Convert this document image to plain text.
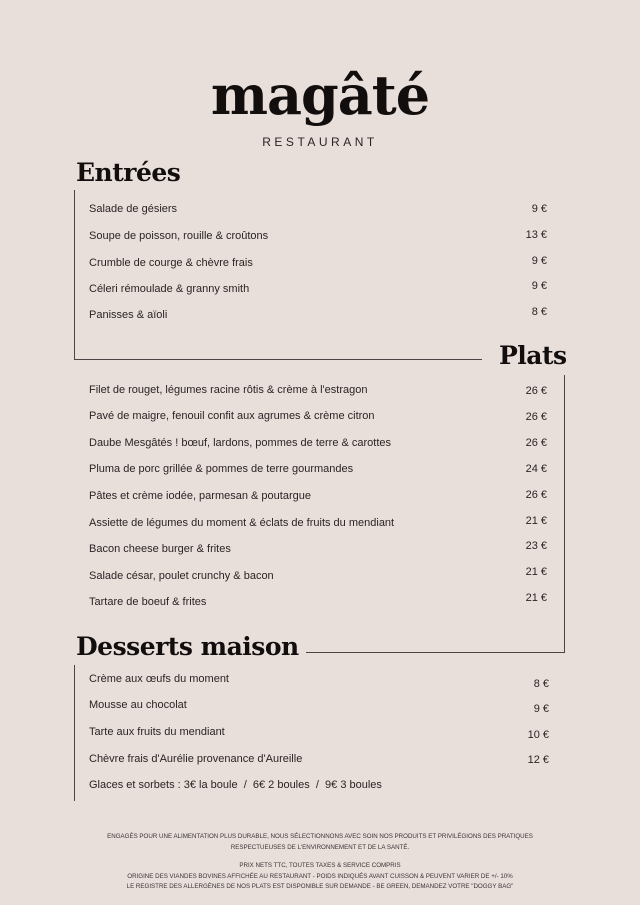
magâté
RESTAURANT
Entrées
Salade de gésiers	9 €
Soupe de poisson, rouille & croûtons	13 €
Crumble de courge & chèvre frais	9 €
Céleri rémoulade & granny smith	9 €
Panisses & aïoli	8 €
Plats
Filet de rouget, légumes racine rôtis & crème à l'estragon	26 €
Pavé de maigre, fenouil confit aux agrumes & crème citron	26 €
Daube Mesgâtés ! bœuf, lardons, pommes de terre & carottes	26 €
Pluma de porc grillée & pommes de terre gourmandes	24 €
Pâtes et crème iodée, parmesan & poutargue	26 €
Assiette de légumes du moment & éclats de fruits du mendiant	21 €
Bacon cheese burger & frites	23 €
Salade césar, poulet crunchy & bacon	21 €
Tartare de boeuf & frites	21 €
Desserts maison
Crème aux œufs du moment	8 €
Mousse au chocolat	9 €
Tarte aux fruits du mendiant	10 €
Chèvre frais d'Aurélie provenance d'Aureille	12 €
Glaces et sorbets : 3€ la boule  /  6€ 2 boules  /  9€ 3 boules
ENGAGÉS POUR UNE ALIMENTATION PLUS DURABLE, NOUS SÉLECTIONNONS AVEC SOIN NOS PRODUITS ET PRIVILÉGIONS DES PRATIQUES
RESPECTUEUSES DE L'ENVIRONNEMENT ET DE LA SANTÉ.
PRIX NETS TTC, TOUTES TAXES & SERVICE COMPRIS
ORIGINE DES VIANDES BOVINES AFFICHÉE AU RESTAURANT - POIDS INDIQUÉS AVANT CUISSON & PEUVENT VARIER DE +/- 10%
LE REGISTRE DES ALLERGÈNES DE NOS PLATS EST DISPONIBLE SUR DEMANDE - BE GREEN, DEMANDEZ VOTRE "DOGGY BAG"
